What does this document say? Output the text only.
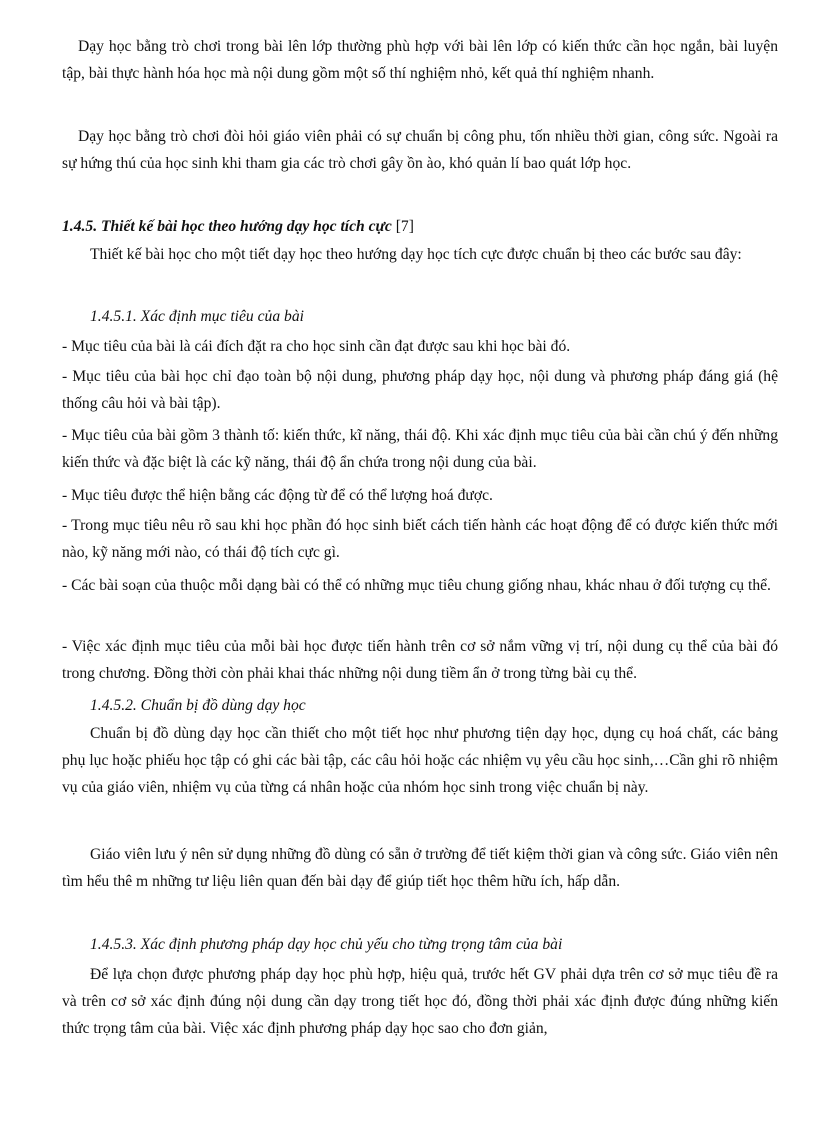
Dạy học bằng trò chơi trong bài lên lớp thường phù hợp với bài lên lớp có kiến thức cần học ngắn, bài luyện tập, bài thực hành hóa học mà nội dung gồm một số thí nghiệm nhỏ, kết quả thí nghiệm nhanh.

Dạy học bằng trò chơi đòi hỏi giáo viên phải có sự chuẩn bị công phu, tốn nhiều thời gian, công sức. Ngoài ra sự hứng thú của học sinh khi tham gia các trò chơi gây ồn ào, khó quản lí bao quát lớp học.

1.4.5. Thiết kế bài học theo hướng dạy học tích cực [7]

Thiết kế bài học cho một tiết dạy học theo hướng dạy học tích cực được chuẩn bị theo các bước sau đây:

1.4.5.1. Xác định mục tiêu của bài

- Mục tiêu của bài là cái đích đặt ra cho học sinh cần đạt được sau khi học bài đó.

- Mục tiêu của bài học chỉ đạo toàn bộ nội dung, phương pháp dạy học, nội dung và phương pháp đáng giá (hệ thống câu hỏi và bài tập).

- Mục tiêu của bài gồm 3 thành tố: kiến thức, kĩ năng, thái độ. Khi xác định mục tiêu của bài cần chú ý đến những kiến thức và đặc biệt là các kỹ năng, thái độ ẩn chứa trong nội dung của bài.

- Mục tiêu được thể hiện bằng các động từ để có thể lượng hoá được.

- Trong mục tiêu nêu rõ sau khi học phần đó học sinh biết cách tiến hành các hoạt động để có được kiến thức mới nào, kỹ năng mới nào, có thái độ tích cực gì.

- Các bài soạn của thuộc mỗi dạng bài có thể có những mục tiêu chung giống nhau, khác nhau ở đối tượng cụ thể.

- Việc xác định mục tiêu của mỗi bài học được tiến hành trên cơ sở nắm vững vị trí, nội dung cụ thể của bài đó trong chương. Đồng thời còn phải khai thác những nội dung tiềm ẩn ở trong từng bài cụ thể.

1.4.5.2. Chuẩn bị đồ dùng dạy học

Chuẩn bị đồ dùng dạy học cần thiết cho một tiết học như phương tiện dạy học, dụng cụ hoá chất, các bảng phụ lục hoặc phiếu học tập có ghi các bài tập, các câu hỏi hoặc các nhiệm vụ yêu cầu học sinh,…Cần ghi rõ nhiệm vụ của giáo viên, nhiệm vụ của từng cá nhân hoặc của nhóm học sinh trong việc chuẩn bị này.

Giáo viên lưu ý nên sử dụng những đồ dùng có sẵn ở trường để tiết kiệm thời gian và công sức. Giáo viên nên tìm hểu thê m những tư liệu liên quan đến bài dạy để giúp tiết học thêm hữu ích, hấp dẫn.

1.4.5.3. Xác định phương pháp dạy học chủ yếu cho từng trọng tâm của bài

Để lựa chọn được phương pháp dạy học phù hợp, hiệu quả, trước hết GV phải dựa trên cơ sở mục tiêu đề ra và trên cơ sở xác định đúng nội dung cần dạy trong tiết học đó, đồng thời phải xác định được đúng những kiến thức trọng tâm của bài. Việc xác định phương pháp dạy học sao cho đơn giản,
